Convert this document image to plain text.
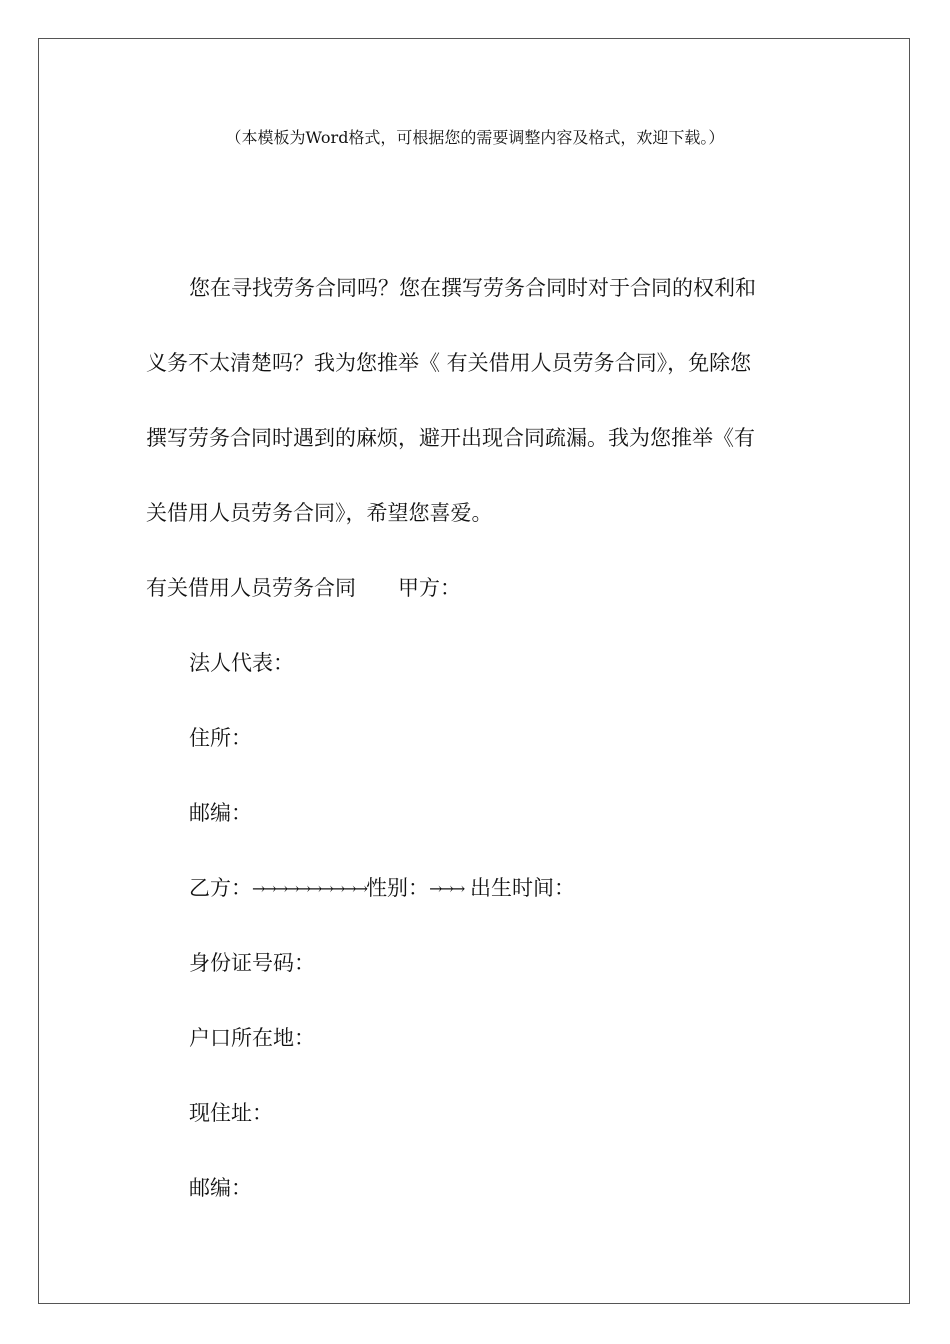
（本模板为Word格式，可根据您的需要调整内容及格式，欢迎下载。）
您在寻找劳务合同吗？您在撰写劳务合同时对于合同的权利和
义务不太清楚吗？我为您推举《 有关借用人员劳务合同》，免除您
撰写劳务合同时遇到的麻烦，避开出现合同疏漏。我为您推举《有
关借用人员劳务合同》，希望您喜爱。
有关借用人员劳务合同 甲方：
法人代表：
住所：
邮编：
乙方：→→→→→→→→→→性别：→→→ 出生时间：
身份证号码：
户口所在地：
现住址：
邮编：
